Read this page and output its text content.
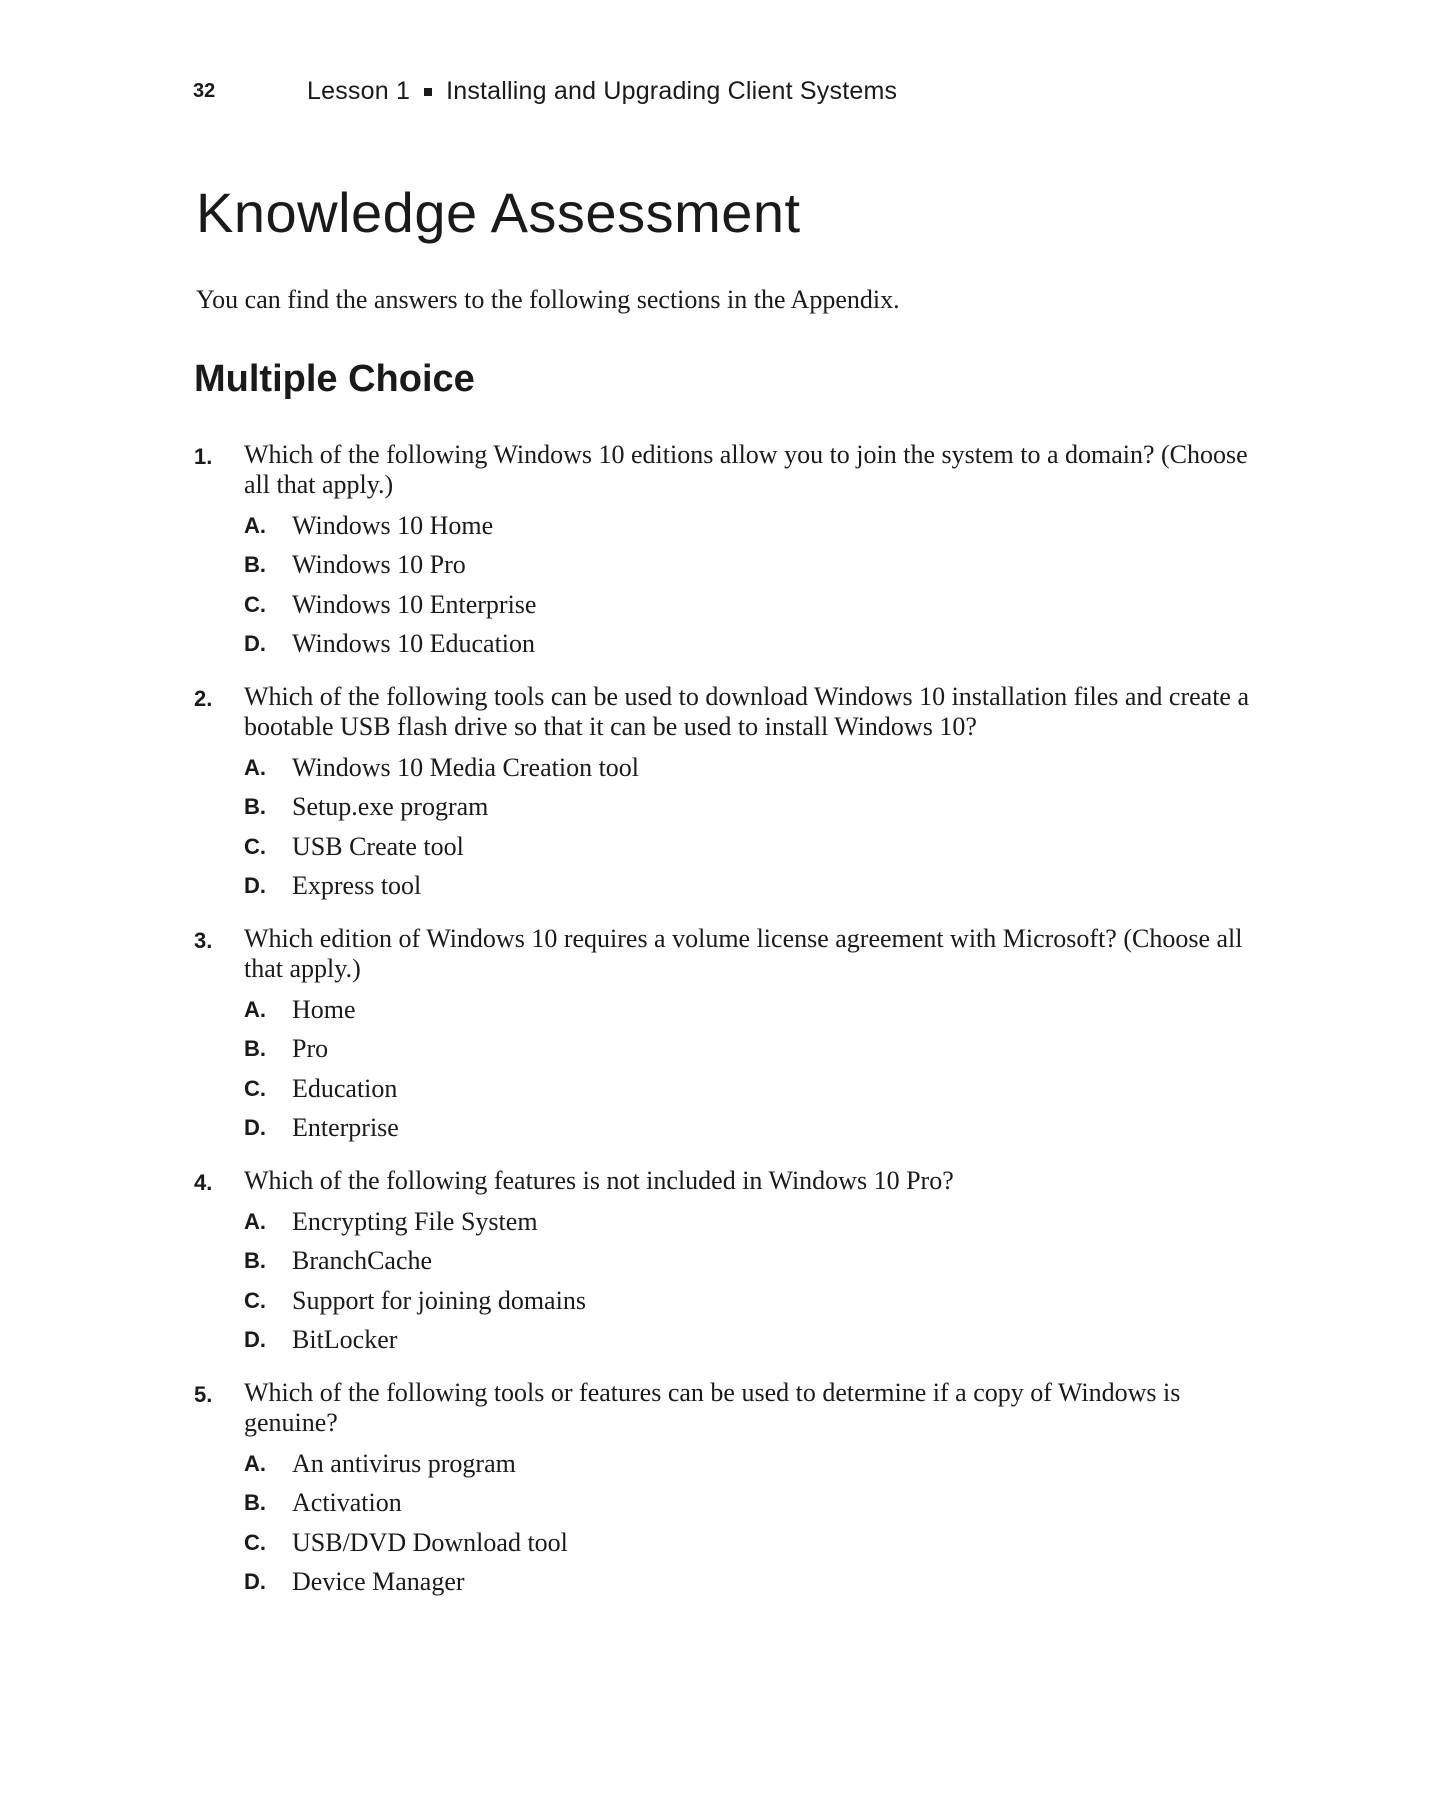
32	Lesson 1 Installing and Upgrading Client Systems
Knowledge Assessment

You can find the answers to the following sections in the Appendix.

Multiple Choice
1.	Which of the following Windows 10 editions allow you to join the system to a domain? (Choose all that apply.)

A.	Windows 10 Home
B.	Windows 10 Pro
C.	Windows 10 Enterprise
D.	Windows 10 Education
2.	Which of the following tools can be used to download Windows 10 installation files and create a bootable USB flash drive so that it can be used to install Windows 10?

A.	Windows 10 Media Creation tool
B.	Setup.exe program
C.	USB Create tool
D.	Express tool
3.	Which edition of Windows 10 requires a volume license agreement with Microsoft? (Choose all that apply.)

A.	Home
B.	Pro
C.	Education
D.	Enterprise
4.	Which of the following features is not included in Windows 10 Pro?

A.	Encrypting File System
B.	BranchCache
C.	Support for joining domains
D.	BitLocker
5.	Which of the following tools or features can be used to determine if a copy of Windows is genuine?

A.	An antivirus program
B.	Activation
C.	USB/DVD Download tool
D.	Device Manager
